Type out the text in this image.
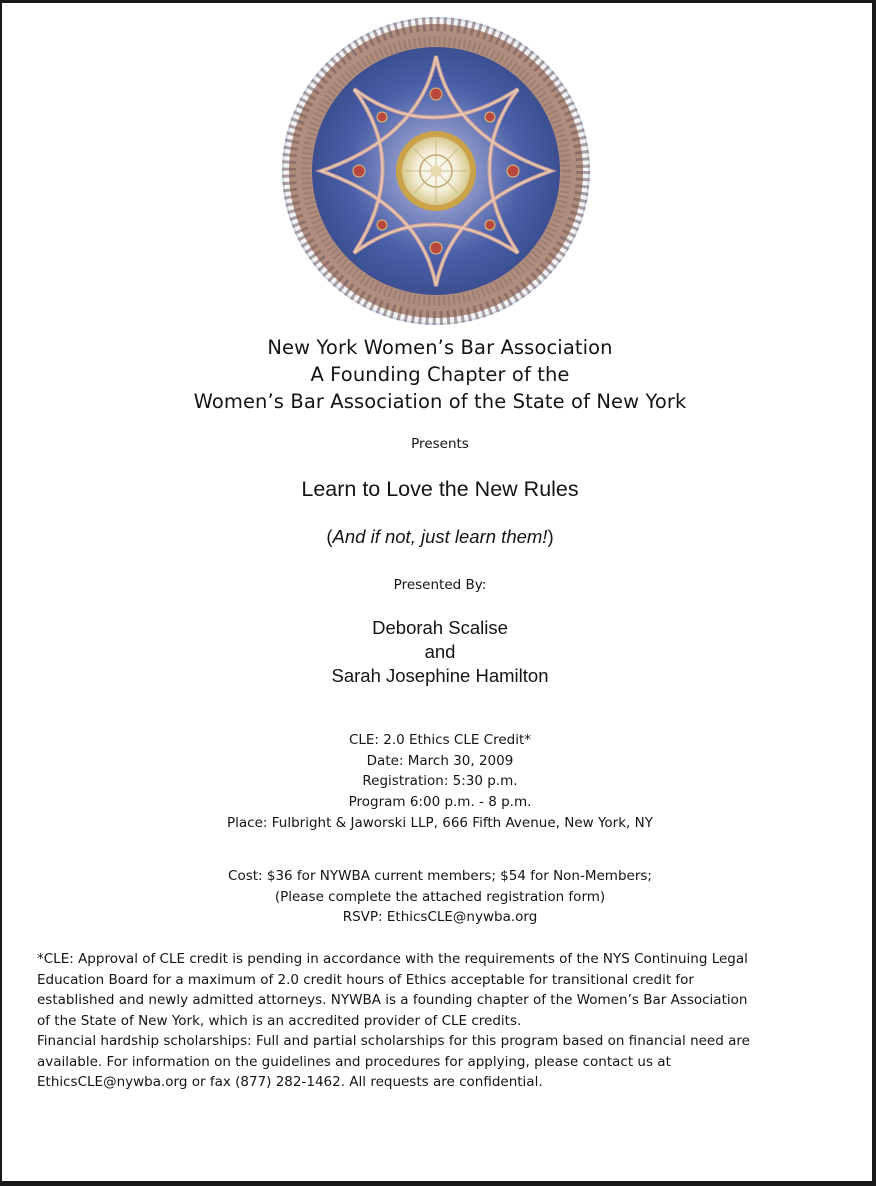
New York Women’s Bar Association
A Founding Chapter of the
Women’s Bar Association of the State of New York
Presents
Learn to Love the New Rules
(And if not, just learn them!)
Presented By:
Deborah Scalise
and
Sarah Josephine Hamilton
CLE: 2.0 Ethics CLE Credit*
Date: March 30, 2009
Registration: 5:30 p.m.
Program 6:00 p.m. - 8 p.m.
Place: Fulbright & Jaworski LLP, 666 Fifth Avenue, New York, NY
Cost: $36 for NYWBA current members; $54 for Non-Members;
(Please complete the attached registration form)
RSVP: EthicsCLE@nywba.org
*CLE: Approval of CLE credit is pending in accordance with the requirements of the NYS Continuing Legal
Education Board for a maximum of 2.0 credit hours of Ethics acceptable for transitional credit for
established and newly admitted attorneys. NYWBA is a founding chapter of the Women’s Bar Association
of the State of New York, which is an accredited provider of CLE credits.
Financial hardship scholarships: Full and partial scholarships for this program based on financial need are
available. For information on the guidelines and procedures for applying, please contact us at
EthicsCLE@nywba.org or fax (877) 282-1462. All requests are confidential.
